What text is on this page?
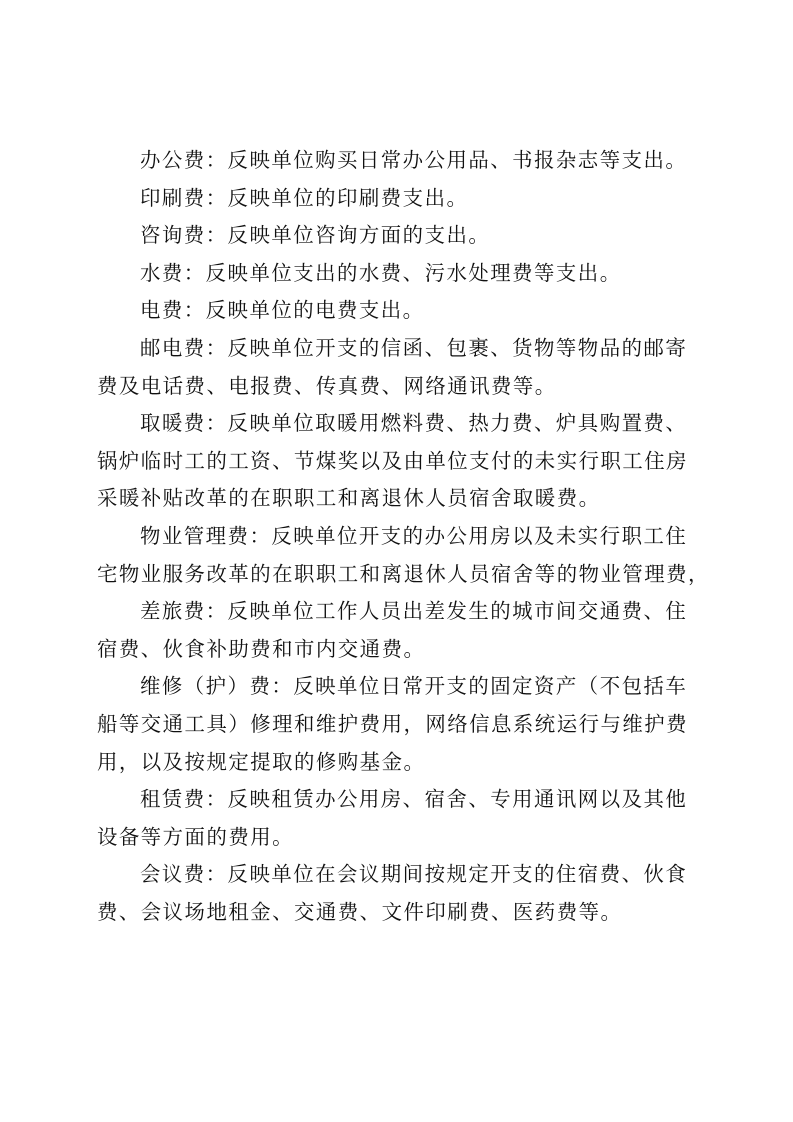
办公费：反映单位购买日常办公用品、书报杂志等支出。

印刷费：反映单位的印刷费支出。

咨询费：反映单位咨询方面的支出。

水费：反映单位支出的水费、污水处理费等支出。

电费：反映单位的电费支出。

邮电费：反映单位开支的信函、包裹、货物等物品的邮寄
费及电话费、电报费、传真费、网络通讯费等。

取暖费：反映单位取暖用燃料费、热力费、炉具购置费、
锅炉临时工的工资、节煤奖以及由单位支付的未实行职工住房
采暖补贴改革的在职职工和离退休人员宿舍取暖费。

物业管理费：反映单位开支的办公用房以及未实行职工住
宅物业服务改革的在职职工和离退休人员宿舍等的物业管理费，

差旅费：反映单位工作人员出差发生的城市间交通费、住
宿费、伙食补助费和市内交通费。

维修（护）费：反映单位日常开支的固定资产（不包括车
船等交通工具）修理和维护费用，网络信息系统运行与维护费
用，以及按规定提取的修购基金。

租赁费：反映租赁办公用房、宿舍、专用通讯网以及其他
设备等方面的费用。

会议费：反映单位在会议期间按规定开支的住宿费、伙食
费、会议场地租金、交通费、文件印刷费、医药费等。
